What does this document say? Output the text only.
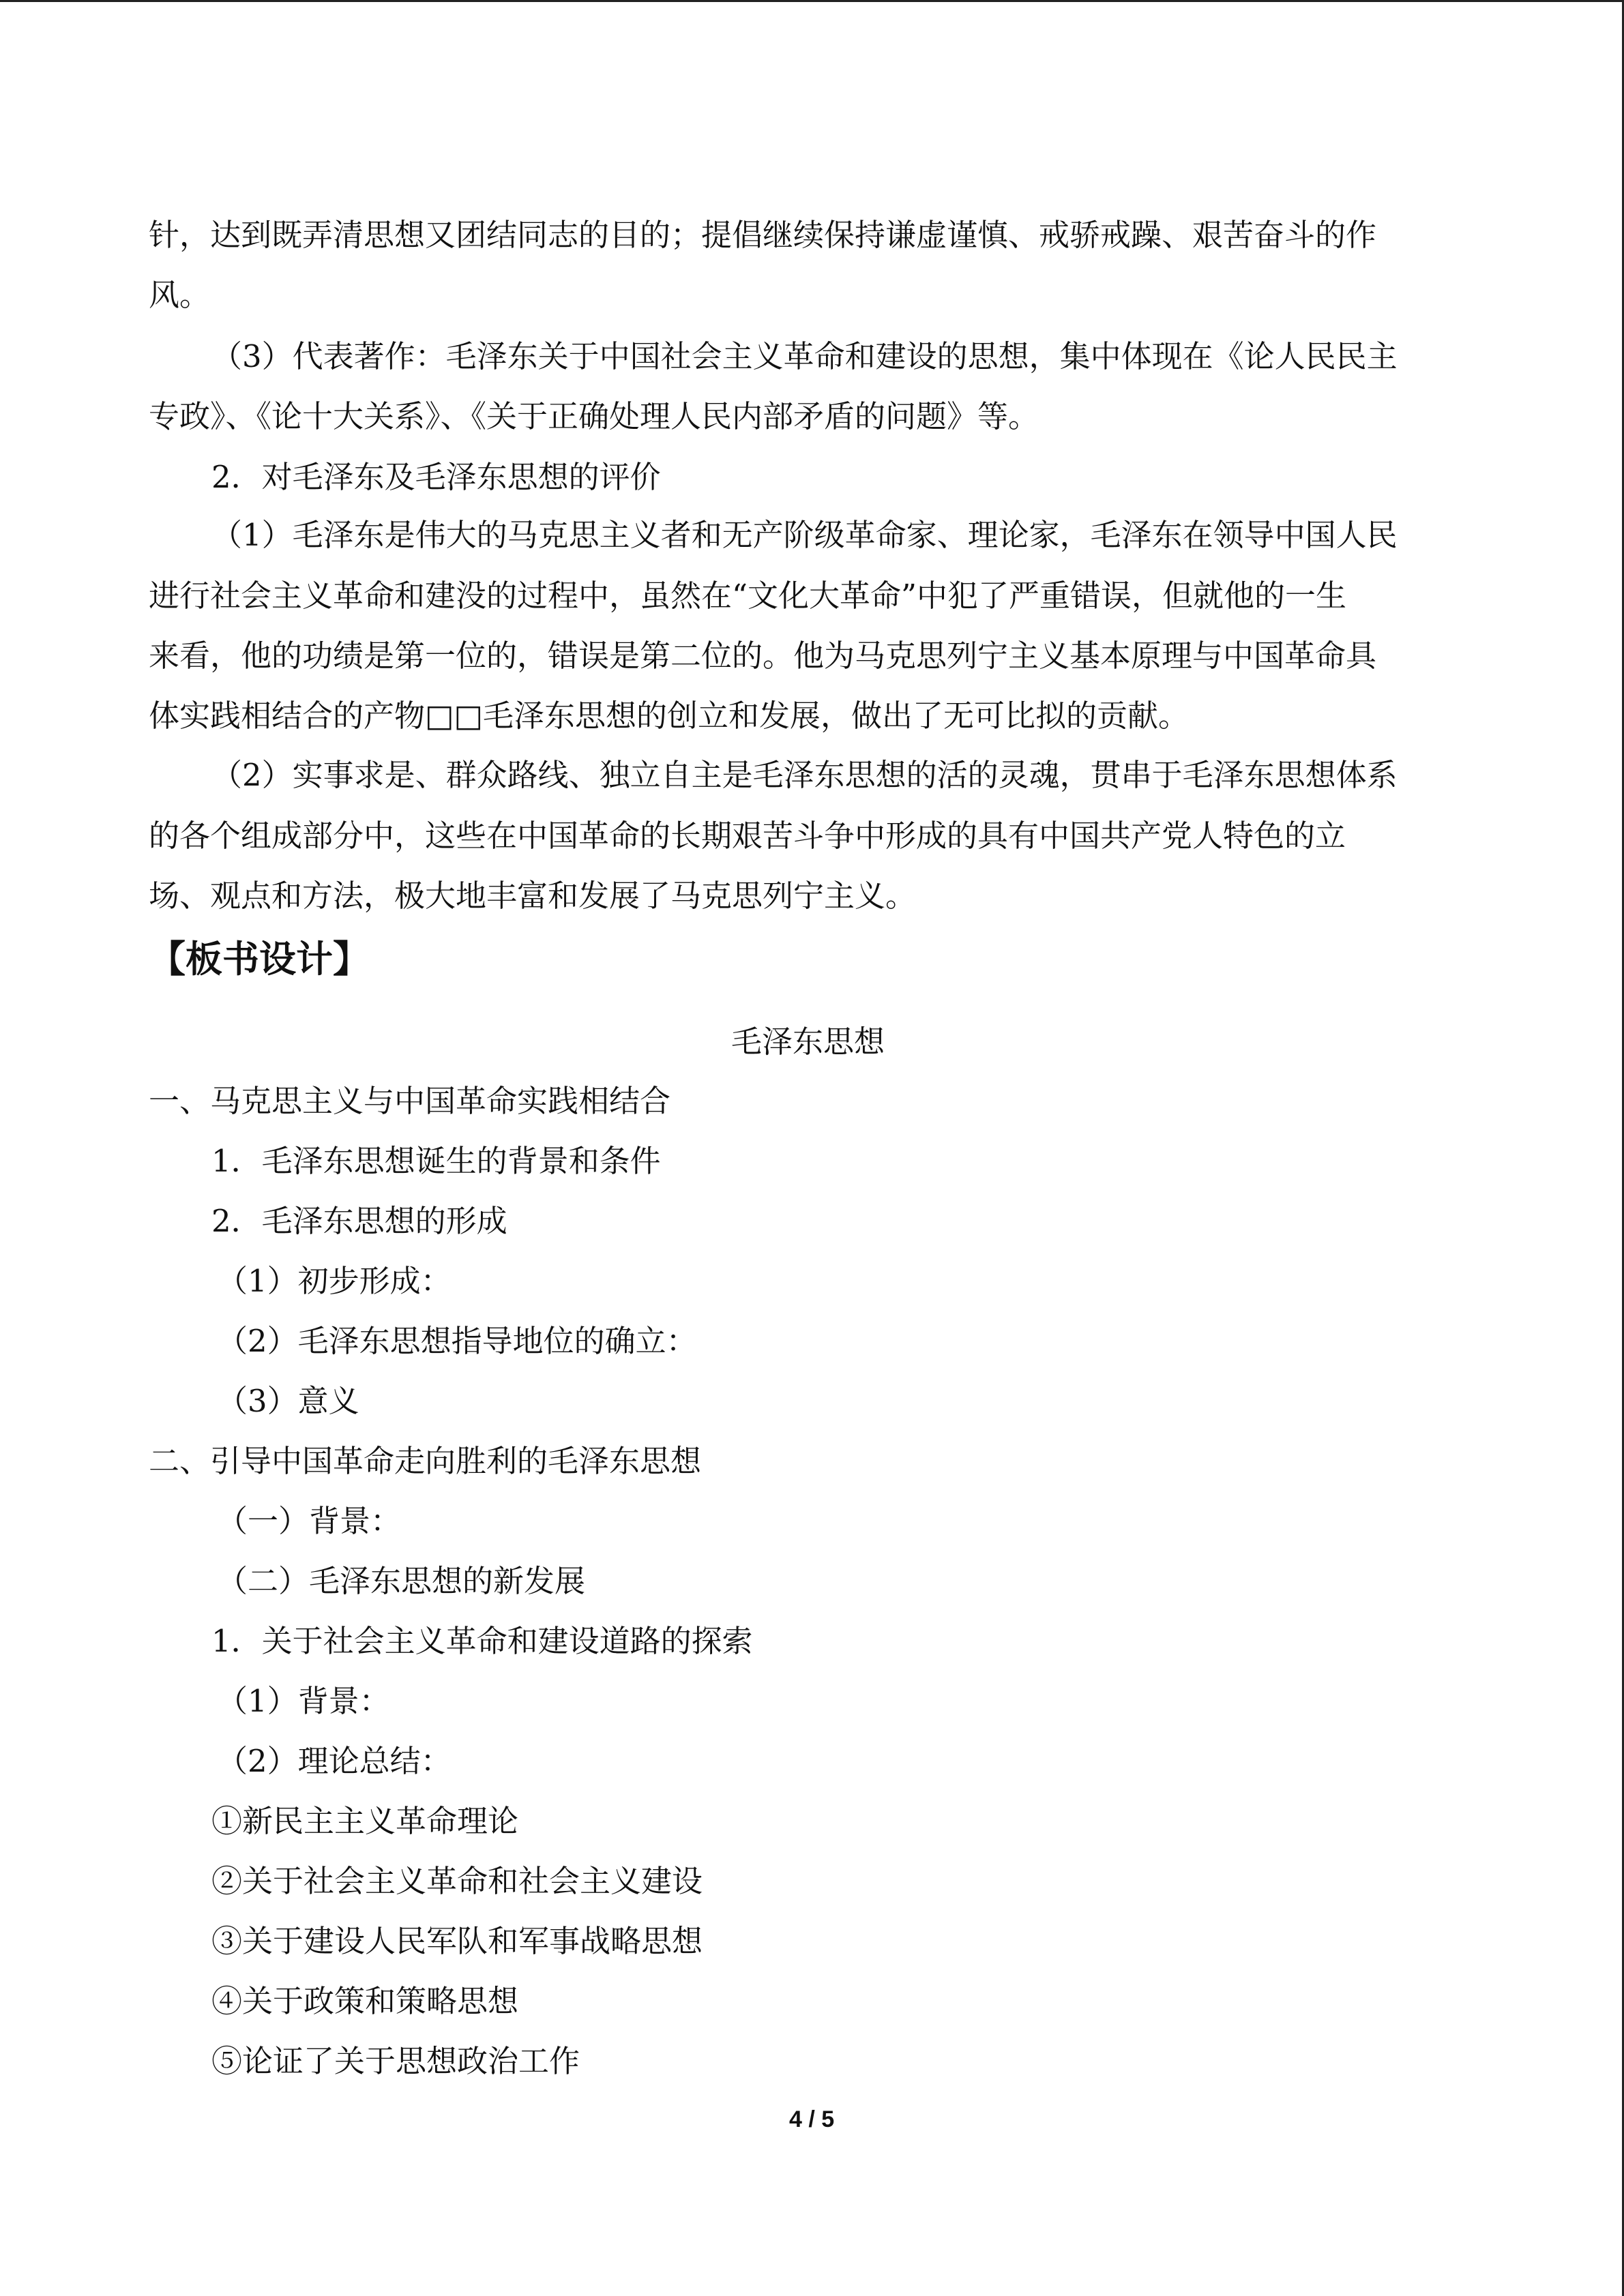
针，达到既弄清思想又团结同志的目的；提倡继续保持谦虚谨慎、戒骄戒躁、艰苦奋斗的作
风。
（3）代表著作：毛泽东关于中国社会主义革命和建设的思想，集中体现在《论人民民主
专政》、《论十大关系》、《关于正确处理人民内部矛盾的问题》等。
2．对毛泽东及毛泽东思想的评价
（1）毛泽东是伟大的马克思主义者和无产阶级革命家、理论家，毛泽东在领导中国人民
进行社会主义革命和建没的过程中，虽然在“文化大革命”中犯了严重错误，但就他的一生
来看，他的功绩是第一位的，错误是第二位的。他为马克思列宁主义基本原理与中国革命具
体实践相结合的产物□□毛泽东思想的创立和发展，做出了无可比拟的贡献。
（2）实事求是、群众路线、独立自主是毛泽东思想的活的灵魂，贯串于毛泽东思想体系
的各个组成部分中，这些在中国革命的长期艰苦斗争中形成的具有中国共产党人特色的立
场、观点和方法，极大地丰富和发展了马克思列宁主义。
【板书设计】
毛泽东思想
一、马克思主义与中国革命实践相结合
1．毛泽东思想诞生的背景和条件
2．毛泽东思想的形成
（1）初步形成：
（2）毛泽东思想指导地位的确立：
（3）意义
二、引导中国革命走向胜利的毛泽东思想
（一）背景：
（二）毛泽东思想的新发展
1．关于社会主义革命和建设道路的探索
（1）背景：
（2）理论总结：
①新民主主义革命理论
②关于社会主义革命和社会主义建设
③关于建设人民军队和军事战略思想
④关于政策和策略思想
⑤论证了关于思想政治工作
4 / 5
